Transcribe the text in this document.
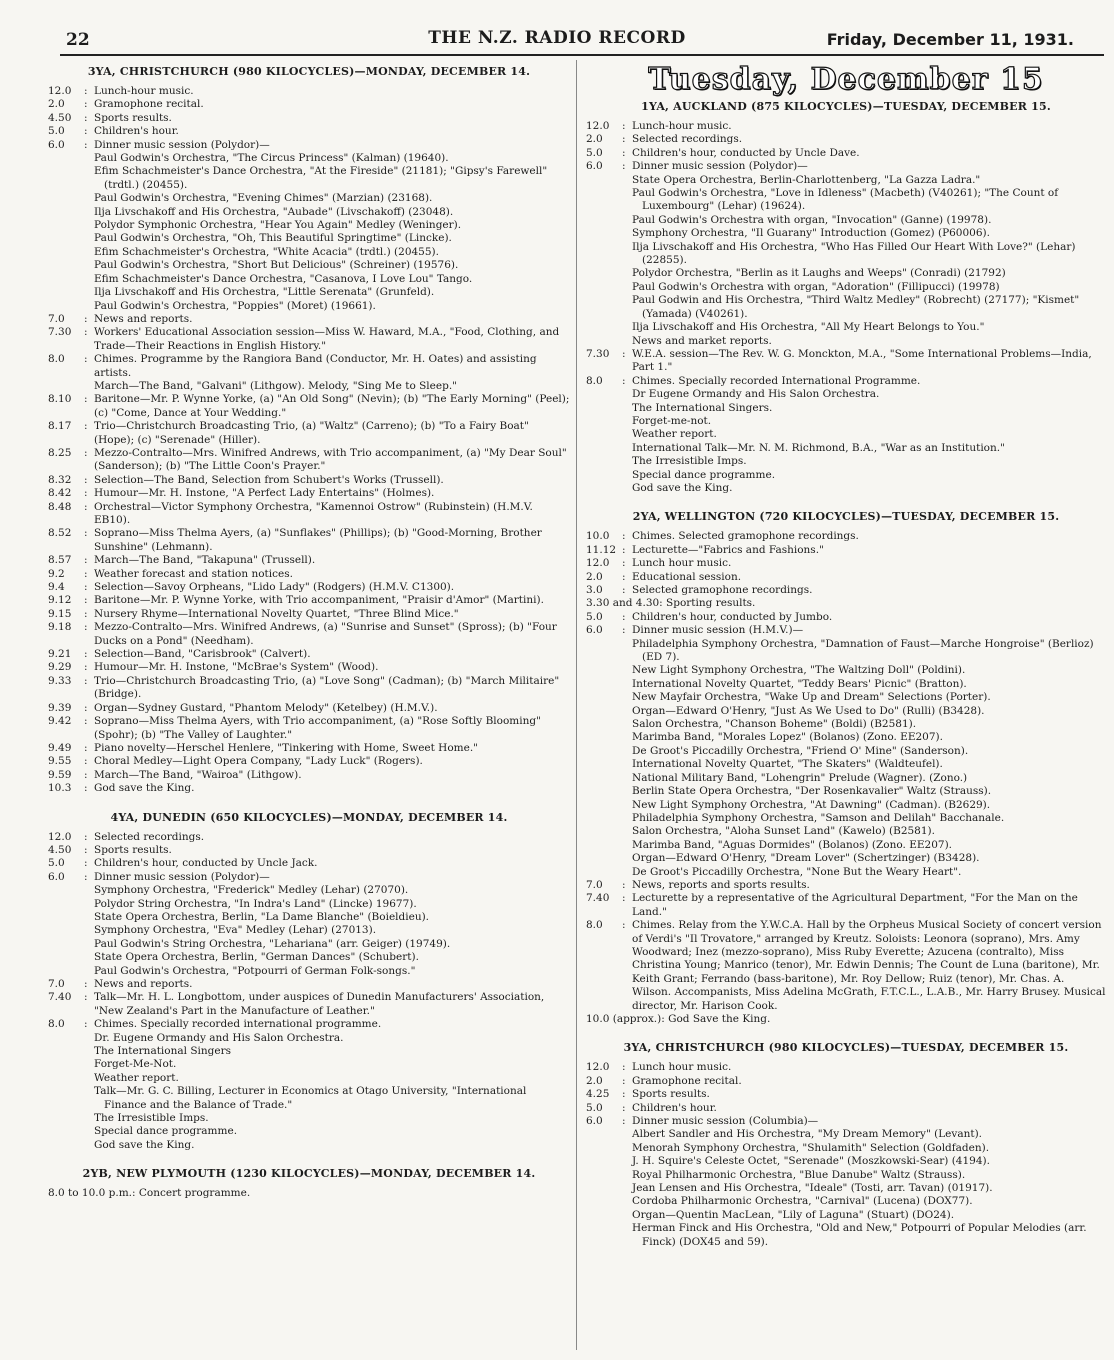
22	THE N.Z. RADIO RECORD	Friday, December 11, 1931.
3YA, CHRISTCHURCH (980 KILOCYCLES)—MONDAY, DECEMBER 14.
12.0	: Lunch-hour music.
2.0	: Gramophone recital.
4.50	: Sports results.
5.0	: Children's hour.
6.0	: Dinner music session (Polydor)—
Paul Godwin's Orchestra, "The Circus Princess" (Kalman) (19640).
Efim Schachmeister's Dance Orchestra, "At the Fireside" (21181); "Gipsy's Farewell" (trdtl.) (20455).
Paul Godwin's Orchestra, "Evening Chimes" (Marzian) (23168).
Ilja Livschakoff and His Orchestra, "Aubade" (Livschakoff) (23048).
Polydor Symphonic Orchestra, "Hear You Again" Medley (Weninger).
Paul Godwin's Orchestra, "Oh, This Beautiful Springtime" (Lincke).
Efim Schachmeister's Orchestra, "White Acacia" (trdtl.) (20455).
Paul Godwin's Orchestra, "Short But Delicious" (Schreiner) (19576).
Efim Schachmeister's Dance Orchestra, "Casanova, I Love Lou" Tango.
Ilja Livschakoff and His Orchestra, "Little Serenata" (Grunfeld).
Paul Godwin's Orchestra, "Poppies" (Moret) (19661).
7.0	: News and reports.
7.30	: Workers' Educational Association session—Miss W. Haward, M.A., "Food, Clothing, and Trade—Their Reactions in English History."
8.0	: Chimes. Programme by the Rangiora Band (Conductor, Mr. H. Oates) and assisting artists.
March—The Band, "Galvani" (Lithgow). Melody, "Sing Me to Sleep."
8.10	: Baritone—Mr. P. Wynne Yorke, (a) "An Old Song" (Nevin); (b) "The Early Morning" (Peel); (c) "Come, Dance at Your Wedding."
8.17	: Trio—Christchurch Broadcasting Trio, (a) "Waltz" (Carreno); (b) "To a Fairy Boat" (Hope); (c) "Serenade" (Hiller).
8.25	: Mezzo-Contralto—Mrs. Winifred Andrews, with Trio accompaniment, (a) "My Dear Soul" (Sanderson); (b) "The Little Coon's Prayer."
8.32	: Selection—The Band, Selection from Schubert's Works (Trussell).
8.42	: Humour—Mr. H. Instone, "A Perfect Lady Entertains" (Holmes).
8.48	: Orchestral—Victor Symphony Orchestra, "Kamennoi Ostrow" (Rubinstein) (H.M.V. EB10).
8.52	: Soprano—Miss Thelma Ayers, (a) "Sunflakes" (Phillips); (b) "Good-Morning, Brother Sunshine" (Lehmann).
8.57	: March—The Band, "Takapuna" (Trussell).
9.2	: Weather forecast and station notices.
9.4	: Selection—Savoy Orpheans, "Lido Lady" (Rodgers) (H.M.V. C1300).
9.12	: Baritone—Mr. P. Wynne Yorke, with Trio accompaniment, "Praisir d'Amor" (Martini).
9.15	: Nursery Rhyme—International Novelty Quartet, "Three Blind Mice."
9.18	: Mezzo-Contralto—Mrs. Winifred Andrews, (a) "Sunrise and Sunset" (Spross); (b) "Four Ducks on a Pond" (Needham).
9.21	: Selection—Band, "Carisbrook" (Calvert).
9.29	: Humour—Mr. H. Instone, "McBrae's System" (Wood).
9.33	: Trio—Christchurch Broadcasting Trio, (a) "Love Song" (Cadman); (b) "March Militaire" (Bridge).
9.39	: Organ—Sydney Gustard, "Phantom Melody" (Ketelbey) (H.M.V.).
9.42	: Soprano—Miss Thelma Ayers, with Trio accompaniment, (a) "Rose Softly Blooming" (Spohr); (b) "The Valley of Laughter."
9.49	: Piano novelty—Herschel Henlere, "Tinkering with Home, Sweet Home."
9.55	: Choral Medley—Light Opera Company, "Lady Luck" (Rogers).
9.59	: March—The Band, "Wairoa" (Lithgow).
10.3	: God save the King.
4YA, DUNEDIN (650 KILOCYCLES)—MONDAY, DECEMBER 14.
12.0	: Selected recordings.
4.50	: Sports results.
5.0	: Children's hour, conducted by Uncle Jack.
6.0	: Dinner music session (Polydor)—
Symphony Orchestra, "Frederick" Medley (Lehar) (27070).
Polydor String Orchestra, "In Indra's Land" (Lincke) 19677).
State Opera Orchestra, Berlin, "La Dame Blanche" (Boieldieu).
Symphony Orchestra, "Eva" Medley (Lehar) (27013).
Paul Godwin's String Orchestra, "Lehariana" (arr. Geiger) (19749).
State Opera Orchestra, Berlin, "German Dances" (Schubert).
Paul Godwin's Orchestra, "Potpourri of German Folk-songs."
7.0	: News and reports.
7.40	: Talk—Mr. H. L. Longbottom, under auspices of Dunedin Manufacturers' Association, "New Zealand's Part in the Manufacture of Leather."
8.0	: Chimes. Specially recorded international programme.
Dr. Eugene Ormandy and His Salon Orchestra.
The International Singers
Forget-Me-Not.
Weather report.
Talk—Mr. G. C. Billing, Lecturer in Economics at Otago University, "International Finance and the Balance of Trade."
The Irresistible Imps.
Special dance programme.
God save the King.
2YB, NEW PLYMOUTH (1230 KILOCYCLES)—MONDAY, DECEMBER 14.
8.0 to 10.0 p.m.: Concert programme.
Tuesday, December 15
1YA, AUCKLAND (875 KILOCYCLES)—TUESDAY, DECEMBER 15.
12.0	: Lunch-hour music.
2.0	: Selected recordings.
5.0	: Children's hour, conducted by Uncle Dave.
6.0	: Dinner music session (Polydor)—
State Opera Orchestra, Berlin-Charlottenberg, "La Gazza Ladra."
Paul Godwin's Orchestra, "Love in Idleness" (Macbeth) (V40261); "The Count of Luxembourg" (Lehar) (19624).
Paul Godwin's Orchestra with organ, "Invocation" (Ganne) (19978).
Symphony Orchestra, "Il Guarany" Introduction (Gomez) (P60006).
Ilja Livschakoff and His Orchestra, "Who Has Filled Our Heart With Love?" (Lehar) (22855).
Polydor Orchestra, "Berlin as it Laughs and Weeps" (Conradi) (21792)
Paul Godwin's Orchestra with organ, "Adoration" (Fillipucci) (19978)
Paul Godwin and His Orchestra, "Third Waltz Medley" (Robrecht) (27177); "Kismet" (Yamada) (V40261).
Ilja Livschakoff and His Orchestra, "All My Heart Belongs to You."
News and market reports.
7.30	: W.E.A. session—The Rev. W. G. Monckton, M.A., "Some International Problems—India, Part 1."
8.0	: Chimes. Specially recorded International Programme.
Dr Eugene Ormandy and His Salon Orchestra.
The International Singers.
Forget-me-not.
Weather report.
International Talk—Mr. N. M. Richmond, B.A., "War as an Institution."
The Irresistible Imps.
Special dance programme.
God save the King.
2YA, WELLINGTON (720 KILOCYCLES)—TUESDAY, DECEMBER 15.
10.0	: Chimes. Selected gramophone recordings.
11.12 : Lecturette—"Fabrics and Fashions."
12.0	: Lunch hour music.
2.0	: Educational session.
3.0	: Selected gramophone recordings.
3.30 and 4.30: Sporting results.
5.0	: Children's hour, conducted by Jumbo.
6.0	: Dinner music session (H.M.V.)—
Philadelphia Symphony Orchestra, "Damnation of Faust—Marche Hongroise" (Berlioz) (ED 7).
New Light Symphony Orchestra, "The Waltzing Doll" (Poldini).
International Novelty Quartet, "Teddy Bears' Picnic" (Bratton).
New Mayfair Orchestra, "Wake Up and Dream" Selections (Porter).
Organ—Edward O'Henry, "Just As We Used to Do" (Rulli) (B3428).
Salon Orchestra, "Chanson Boheme" (Boldi) (B2581).
Marimba Band, "Morales Lopez" (Bolanos) (Zono. EE207).
De Groot's Piccadilly Orchestra, "Friend O' Mine" (Sanderson).
International Novelty Quartet, "The Skaters" (Waldteufel).
National Military Band, "Lohengrin" Prelude (Wagner). (Zono.)
Berlin State Opera Orchestra, "Der Rosenkavalier" Waltz (Strauss).
New Light Symphony Orchestra, "At Dawning" (Cadman). (B2629).
Philadelphia Symphony Orchestra, "Samson and Delilah" Bacchanale.
Salon Orchestra, "Aloha Sunset Land" (Kawelo) (B2581).
Marimba Band, "Aguas Dormides" (Bolanos) (Zono. EE207).
Organ—Edward O'Henry, "Dream Lover" (Schertzinger) (B3428).
De Groot's Piccadilly Orchestra, "None But the Weary Heart".
7.0	: News, reports and sports results.
7.40	: Lecturette by a representative of the Agricultural Department, "For the Man on the Land."
8.0	: Chimes. Relay from the Y.W.C.A. Hall by the Orpheus Musical Society of concert version of Verdi's "Il Trovatore," arranged by Kreutz. Soloists: Leonora (soprano), Mrs. Amy Woodward; Inez (mezzo-soprano), Miss Ruby Everette; Azucena (contralto), Miss Christina Young; Manrico (tenor), Mr. Edwin Dennis; The Count de Luna (baritone), Mr. Keith Grant; Ferrando (bass-baritone), Mr. Roy Dellow; Ruiz (tenor), Mr. Chas. A. Wilson. Accompanists, Miss Adelina McGrath, F.T.C.L., L.A.B., Mr. Harry Brusey. Musical director, Mr. Harison Cook.
10.0 (approx.): God Save the King.
3YA, CHRISTCHURCH (980 KILOCYCLES)—TUESDAY, DECEMBER 15.
12.0	: Lunch hour music.
2.0	: Gramophone recital.
4.25	: Sports results.
5.0	: Children's hour.
6.0	: Dinner music session (Columbia)—
Albert Sandler and His Orchestra, "My Dream Memory" (Levant).
Menorah Symphony Orchestra, "Shulamith" Selection (Goldfaden).
J. H. Squire's Celeste Octet, "Serenade" (Moszkowski-Sear) (4194).
Royal Philharmonic Orchestra, "Blue Danube" Waltz (Strauss).
Jean Lensen and His Orchestra, "Ideale" (Tosti, arr. Tavan) (01917).
Cordoba Philharmonic Orchestra, "Carnival" (Lucena) (DOX77).
Organ—Quentin MacLean, "Lily of Laguna" (Stuart) (DO24).
Herman Finck and His Orchestra, "Old and New," Potpourri of Popular Melodies (arr. Finck) (DOX45 and 59).
